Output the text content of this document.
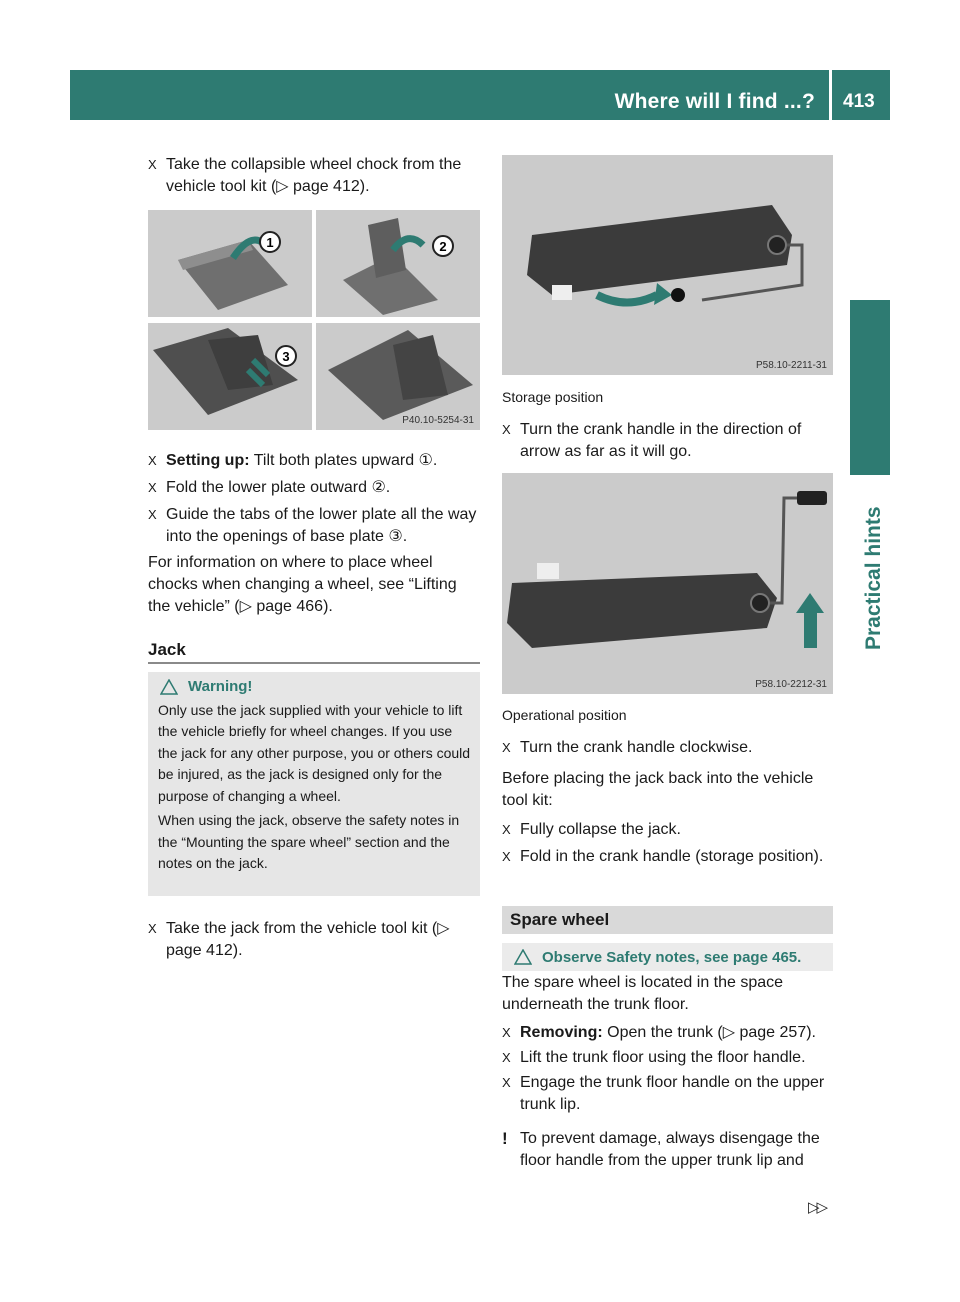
Where will I find ...? 413
Practical hints
X Take the collapsible wheel chock from the vehicle tool kit (▷ page 412).
1	2
3
P40.10-5254-31
X Setting up: Tilt both plates upward ①.
X Fold the lower plate outward ②.
X Guide the tabs of the lower plate all the way into the openings of base plate ③.
For information on where to place wheel chocks when changing a wheel, see “Lifting the vehicle” (▷ page 466).
Jack
Warning!
Only use the jack supplied with your vehicle to lift the vehicle briefly for wheel changes. If you use the jack for any other purpose, you or others could be injured, as the jack is designed only for the purpose of changing a wheel.
When using the jack, observe the safety notes in the “Mounting the spare wheel” section and the notes on the jack.
X Take the jack from the vehicle tool kit (▷ page 412).
P58.10-2211-31
Storage position
X Turn the crank handle in the direction of arrow as far as it will go.
P58.10-2212-31
Operational position
X Turn the crank handle clockwise.
Before placing the jack back into the vehicle tool kit:
X Fully collapse the jack.
X Fold in the crank handle (storage position).
Spare wheel
Observe Safety notes, see page 465.
The spare wheel is located in the space underneath the trunk floor.
X Removing: Open the trunk (▷ page 257).
X Lift the trunk floor using the floor handle.
X Engage the trunk floor handle on the upper trunk lip.
! To prevent damage, always disengage the floor handle from the upper trunk lip and
▷▷
